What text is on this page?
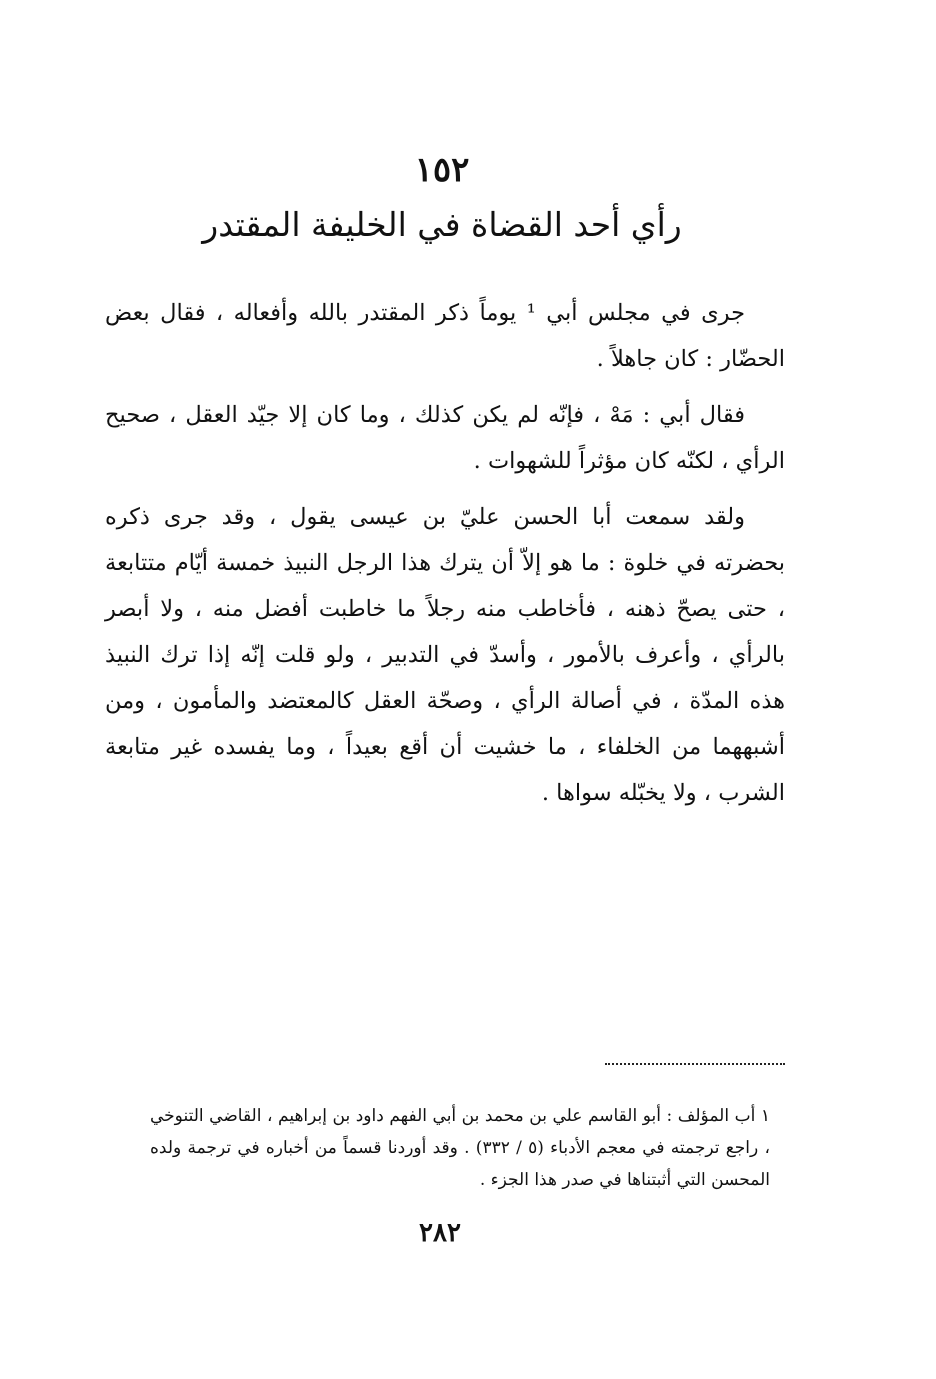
١٥٢
رأي أحد القضاة في الخليفة المقتدر

جرى في مجلس أبي ¹ يوماً ذكر المقتدر بالله وأفعاله ، فقال بعض الحضّار : كان جاهلاً .

فقال أبي : مَهْ ، فإنّه لم يكن كذلك ، وما كان إلا جيّد العقل ، صحيح الرأي ، لكنّه كان مؤثراً للشهوات .

ولقد سمعت أبا الحسن عليّ بن عيسى يقول ، وقد جرى ذكره بحضرته في خلوة : ما هو إلاّ أن يترك هذا الرجل النبيذ خمسة أيّام متتابعة ، حتى يصحّ ذهنه ، فأخاطب منه رجلاً ما خاطبت أفضل منه ، ولا أبصر بالرأي ، وأعرف بالأمور ، وأسدّ في التدبير ، ولو قلت إنّه إذا ترك النبيذ هذه المدّة ، في أصالة الرأي ، وصحّة العقل كالمعتضد والمأمون ، ومن أشبههما من الخلفاء ، ما خشيت أن أقع بعيداً ، وما يفسده غير متابعة الشرب ، ولا يخبّله سواها .

١ أب المؤلف : أبو القاسم علي بن محمد بن أبي الفهم داود بن إبراهيم ، القاضي التنوخي ، راجع ترجمته في معجم الأدباء (٥ / ٣٣٢) . وقد أوردنا قسماً من أخباره في ترجمة ولده المحسن التي أثبتناها في صدر هذا الجزء .

٢٨٢
